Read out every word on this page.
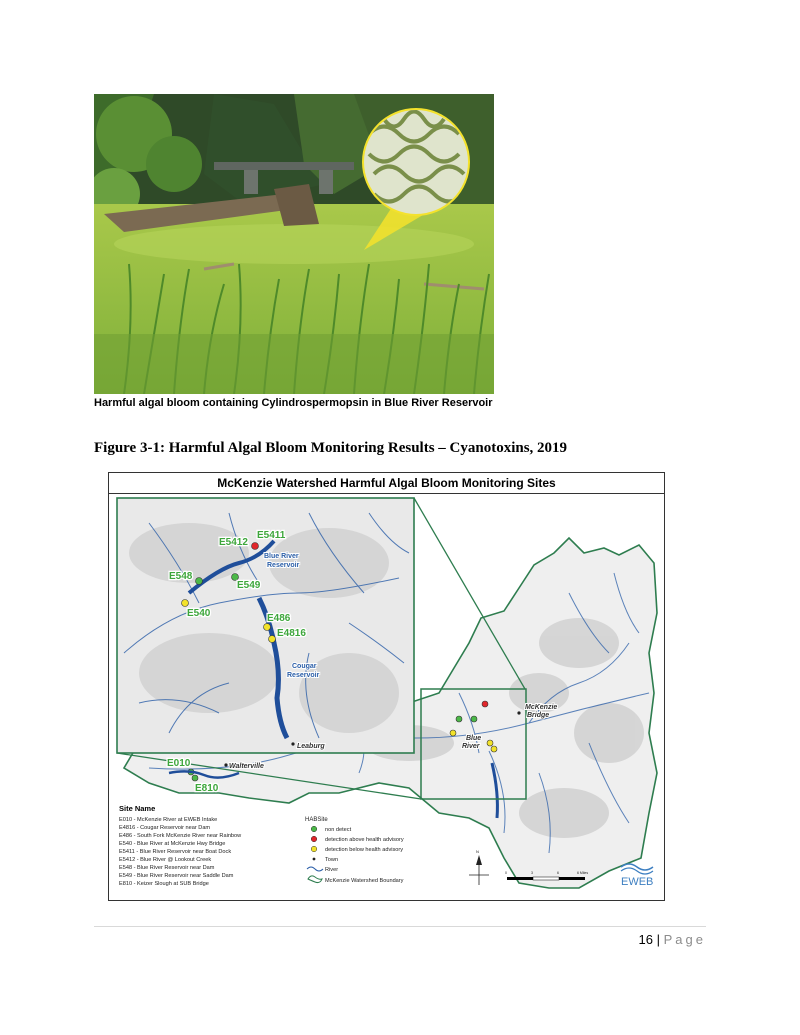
Harmful algal bloom containing Cylindrospermopsin in Blue River Reservoir
Figure 3-1: Harmful Algal Bloom Monitoring Results – Cyanotoxins, 2019
McKenzie Watershed Harmful Algal Bloom Monitoring Sites
E5412
E5411
E548
E549
E540	E486
E4816
Blue River
Reservoir
Cougar
Reservoir
E010
E810
Leaburg
Walterville
McKenzie
Bridge
Blue
River
Site Name
E010 - McKenzie River at EWEB Intake
E4816 - Cougar Reservoir near Dam
E486 - South Fork McKenzie River near Rainbow
E540 - Blue River at McKenzie Hwy Bridge
E5411 - Blue River Reservoir near Boat Dock
E5412 - Blue River @ Lookout Creek
E548 - Blue River Reservoir near Dam
E549 - Blue River Reservoir near Saddle Dam
E810 - Keizer Slough at SUB Bridge
HABSite
non detect
detection above health advisory
detection below health advisory
Town
River
McKenzie Watershed Boundary
N
0	3	6	6 Miles
EWEB
16 | Page
